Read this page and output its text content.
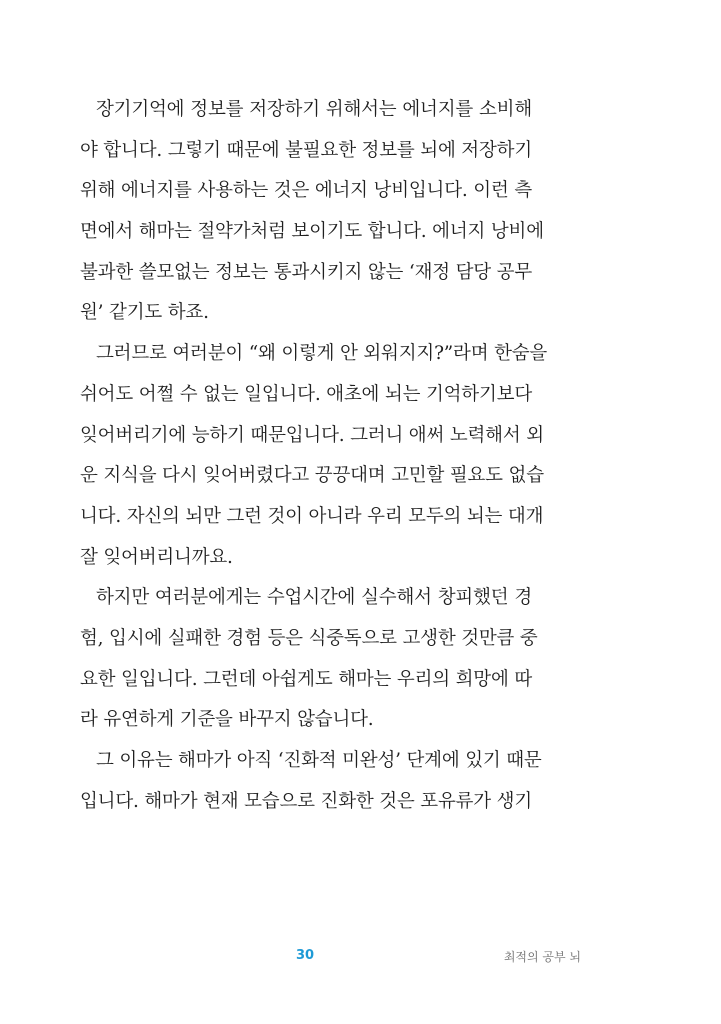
장기기억에 정보를 저장하기 위해서는 에너지를 소비해
야 합니다. 그렇기 때문에 불필요한 정보를 뇌에 저장하기
위해 에너지를 사용하는 것은 에너지 낭비입니다. 이런 측
면에서 해마는 절약가처럼 보이기도 합니다. 에너지 낭비에
불과한 쓸모없는 정보는 통과시키지 않는 ‘재정 담당 공무
원’ 같기도 하죠.
그러므로 여러분이 “왜 이렇게 안 외워지지?”라며 한숨을
쉬어도 어쩔 수 없는 일입니다. 애초에 뇌는 기억하기보다
잊어버리기에 능하기 때문입니다. 그러니 애써 노력해서 외
운 지식을 다시 잊어버렸다고 끙끙대며 고민할 필요도 없습
니다. 자신의 뇌만 그런 것이 아니라 우리 모두의 뇌는 대개
잘 잊어버리니까요.
하지만 여러분에게는 수업시간에 실수해서 창피했던 경
험, 입시에 실패한 경험 등은 식중독으로 고생한 것만큼 중
요한 일입니다. 그런데 아쉽게도 해마는 우리의 희망에 따
라 유연하게 기준을 바꾸지 않습니다.
그 이유는 해마가 아직 ‘진화적 미완성’ 단계에 있기 때문
입니다. 해마가 현재 모습으로 진화한 것은 포유류가 생기
30	최적의 공부 뇌
